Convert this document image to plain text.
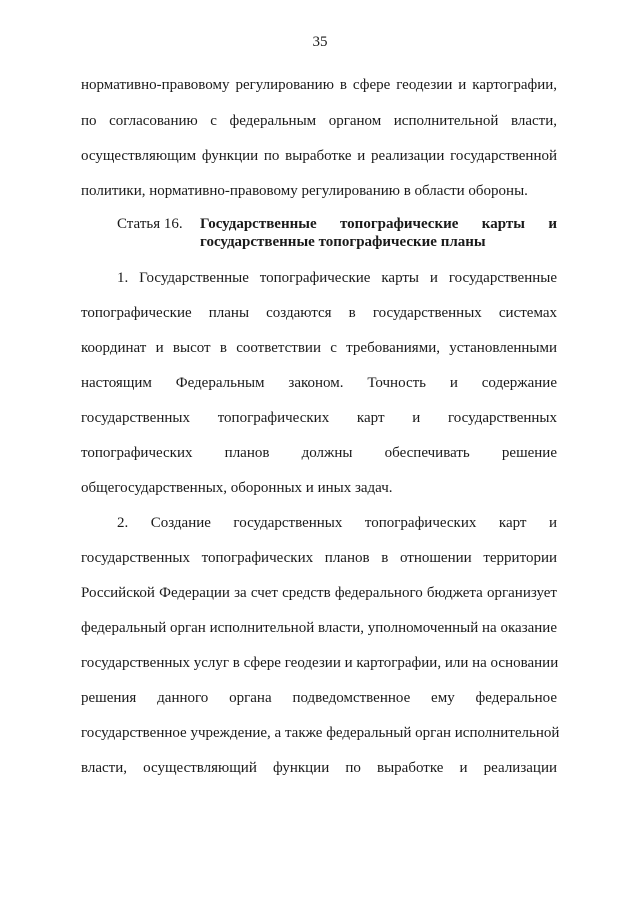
35
нормативно-правовому регулированию в сфере геодезии и картографии,
по согласованию с федеральным органом исполнительной власти,
осуществляющим функции по выработке и реализации государственной
политики, нормативно-правовому регулированию в области обороны.
Статья 16. Государственные топографические карты и
государственные топографические планы
1. Государственные топографические карты и государственные
топографические планы создаются в государственных системах
координат и высот в соответствии с требованиями, установленными
настоящим Федеральным законом. Точность и содержание
государственных топографических карт и государственных
топографических планов должны обеспечивать решение
общегосударственных, оборонных и иных задач.
2. Создание государственных топографических карт и
государственных топографических планов в отношении территории
Российской Федерации за счет средств федерального бюджета организует
федеральный орган исполнительной власти, уполномоченный на оказание
государственных услуг в сфере геодезии и картографии, или на основании
решения данного органа подведомственное ему федеральное
государственное учреждение, а также федеральный орган исполнительной
власти, осуществляющий функции по выработке и реализации
